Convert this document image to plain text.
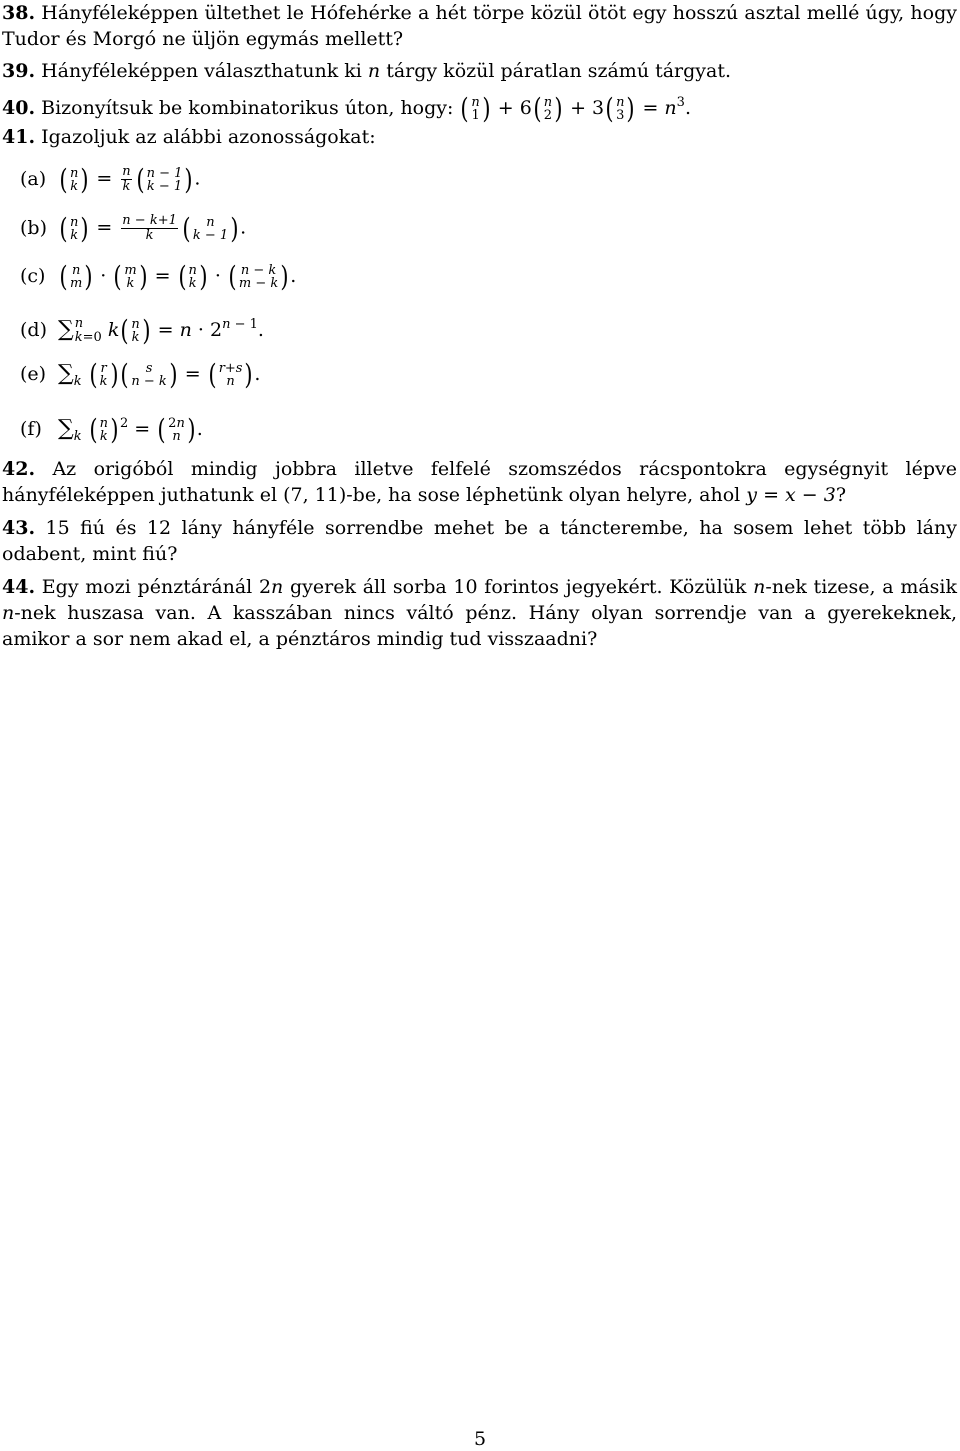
38. Hányféleképpen ültethet le Hófehérke a hét törpe közül ötöt egy hosszú asztal mellé úgy, hogy Tudor és Morgó ne üljön egymás mellett?
39. Hányféleképpen választhatunk ki n tárgy közül páratlan számú tárgyat.
40. Bizonyítsuk be kombinatorikus úton, hogy: ( n
1 ) + 6 ( n
2 ) + 3 ( n
3 ) = $n^3$.
41. Igazoljuk az alábbi azonosságokat:
(a) ( n
k ) = $\frac{n}{k}$ ( n − 1
k − 1 ) .
(b) ( n
k ) = $\frac{n - k+1}{k}$ ( n
k − 1 ) .
(c) ( n
m ) · ( m
k ) = ( n
k ) · ( n − k
m − k ) .
(d) ∑ n
k=0 k ( n
k ) = $n \cdot 2^{n - 1}$.
(e) $\sum_k$ ( r
k ) ( s
n − k ) = ( r+s
n ) .
(f) $\sum_k$ ( n
k ) $^2$ = ( 2n
n ) .
42. Az origóból mindig jobbra illetve felfelé szomszédos rácspontokra egységnyit lépve hányféleképpen juthatunk el (7, 11)-be, ha sose léphetünk olyan helyre, ahol y = x − 3?
43. 15 fiú és 12 lány hányféle sorrendbe mehet be a táncterembe, ha sosem lehet több lány odabent, mint fiú?
44. Egy mozi pénztáránál 2n gyerek áll sorba 10 forintos jegyekért. Közülük n-nek tizese, a másik n-nek huszasa van. A kasszában nincs váltó pénz. Hány olyan sorrendje van a gyerekeknek, amikor a sor nem akad el, a pénztáros mindig tud visszaadni?
5
